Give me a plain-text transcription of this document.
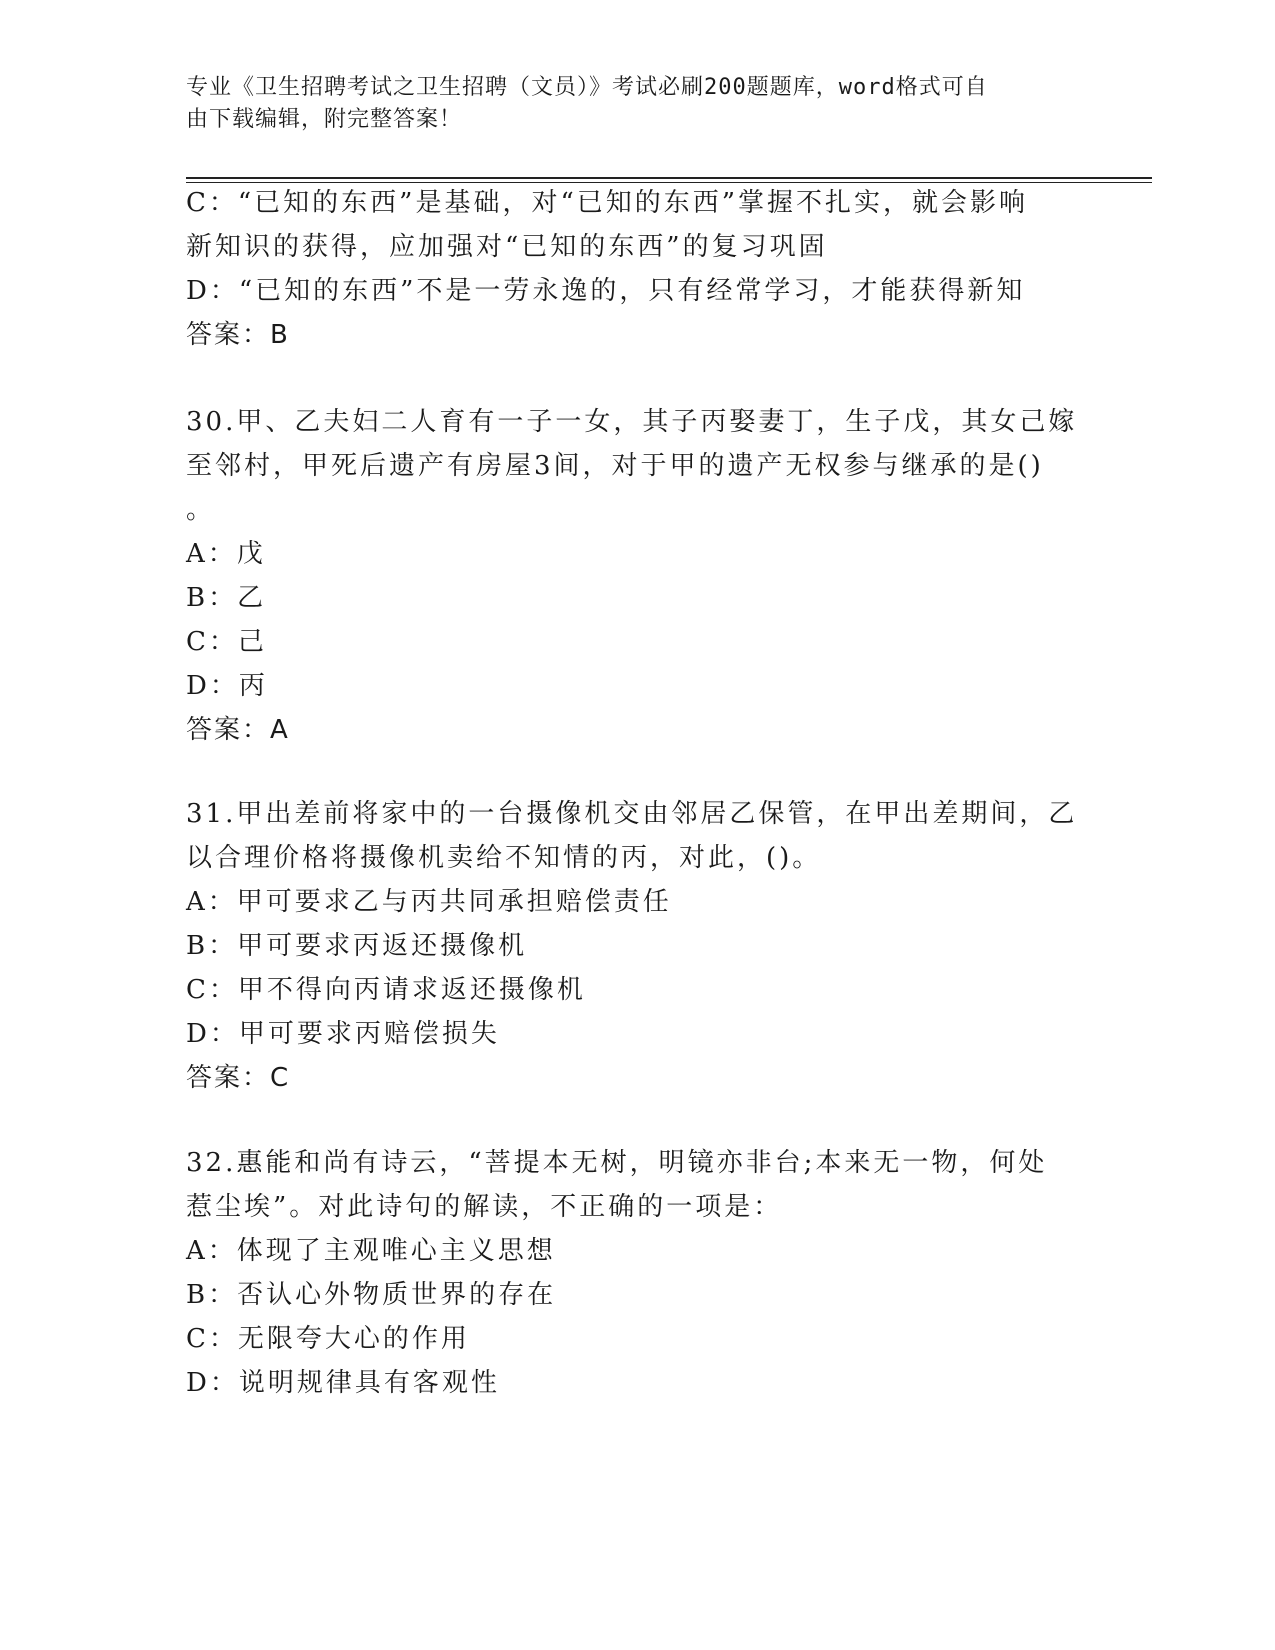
专业《卫生招聘考试之卫生招聘（文员）》考试必刷200题题库，word格式可自
由下载编辑，附完整答案！
C：“已知的东西”是基础，对“已知的东西”掌握不扎实，就会影响
新知识的获得，应加强对“已知的东西”的复习巩固
D：“已知的东西”不是一劳永逸的，只有经常学习，才能获得新知
答案：B
30.甲、乙夫妇二人育有一子一女，其子丙娶妻丁，生子戊，其女己嫁
至邻村，甲死后遗产有房屋3间，对于甲的遗产无权参与继承的是()
。
A：戊
B：乙
C：己
D：丙
答案：A
31.甲出差前将家中的一台摄像机交由邻居乙保管，在甲出差期间，乙
以合理价格将摄像机卖给不知情的丙，对此，()。
A：甲可要求乙与丙共同承担赔偿责任
B：甲可要求丙返还摄像机
C：甲不得向丙请求返还摄像机
D：甲可要求丙赔偿损失
答案：C
32.惠能和尚有诗云，“菩提本无树，明镜亦非台;本来无一物，何处
惹尘埃”。对此诗句的解读，不正确的一项是：
A：体现了主观唯心主义思想
B：否认心外物质世界的存在
C：无限夸大心的作用
D：说明规律具有客观性
